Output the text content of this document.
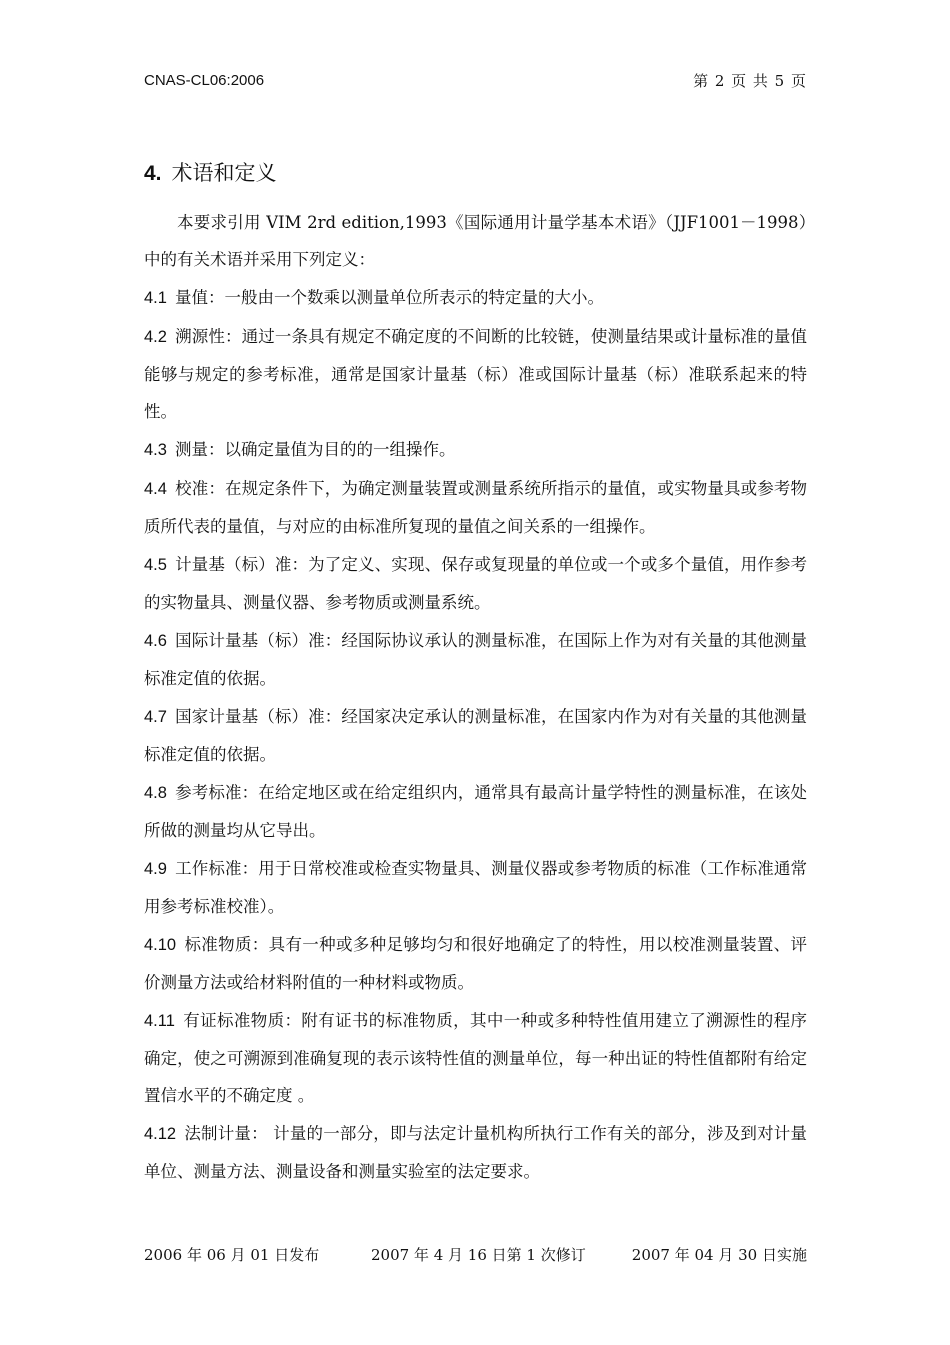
CNAS-CL06:2006	第 2 页 共 5 页
4. 术语和定义

本要求引用 VIM 2rd edition,1993《国际通用计量学基本术语》（JJF1001－1998）中的有关术语并采用下列定义：

4.1 量值：一般由一个数乘以测量单位所表示的特定量的大小。

4.2 溯源性：通过一条具有规定不确定度的不间断的比较链，使测量结果或计量标准的量值能够与规定的参考标准，通常是国家计量基（标）准或国际计量基（标）准联系起来的特性。

4.3 测量：以确定量值为目的的一组操作。

4.4 校准：在规定条件下，为确定测量装置或测量系统所指示的量值，或实物量具或参考物质所代表的量值，与对应的由标准所复现的量值之间关系的一组操作。

4.5 计量基（标）准：为了定义、实现、保存或复现量的单位或一个或多个量值，用作参考的实物量具、测量仪器、参考物质或测量系统。

4.6 国际计量基（标）准：经国际协议承认的测量标准，在国际上作为对有关量的其他测量标准定值的依据。

4.7 国家计量基（标）准：经国家决定承认的测量标准，在国家内作为对有关量的其他测量标准定值的依据。

4.8 参考标准：在给定地区或在给定组织内，通常具有最高计量学特性的测量标准，在该处所做的测量均从它导出。

4.9 工作标准：用于日常校准或检查实物量具、测量仪器或参考物质的标准（工作标准通常用参考标准校准）。

4.10 标准物质：具有一种或多种足够均匀和很好地确定了的特性，用以校准测量装置、评价测量方法或给材料附值的一种材料或物质。

4.11 有证标准物质：附有证书的标准物质，其中一种或多种特性值用建立了溯源性的程序确定，使之可溯源到准确复现的表示该特性值的测量单位，每一种出证的特性值都附有给定置信水平的不确定度 。

4.12 法制计量： 计量的一部分，即与法定计量机构所执行工作有关的部分，涉及到对计量单位、测量方法、测量设备和测量实验室的法定要求。

2006 年 06 月 01 日发布	2007 年 4 月 16 日第 1 次修订	2007 年 04 月 30 日实施
